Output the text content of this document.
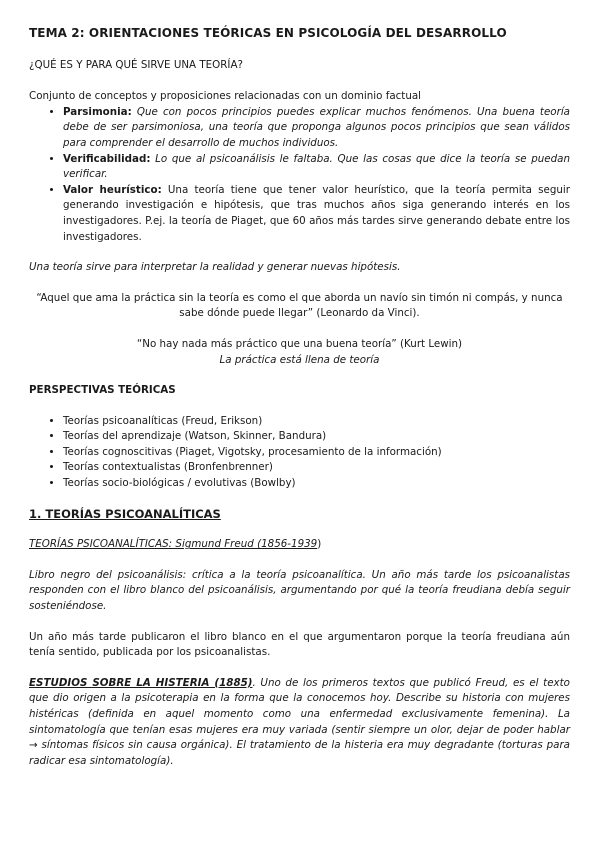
TEMA 2: ORIENTACIONES TEÓRICAS EN PSICOLOGÍA DEL DESARROLLO

¿QUÉ ES Y PARA QUÉ SIRVE UNA TEORÍA?

Conjunto de conceptos y proposiciones relacionadas con un dominio factual

• Parsimonia: Que con pocos principios puedes explicar muchos fenómenos. Una buena teoría debe de ser parsimoniosa, una teoría que proponga algunos pocos principios que sean válidos para comprender el desarrollo de muchos individuos.
• Verificabilidad: Lo que al psicoanálisis le faltaba. Que las cosas que dice la teoría se puedan verificar.
• Valor heurístico: Una teoría tiene que tener valor heurístico, que la teoría permita seguir generando investigación e hipótesis, que tras muchos años siga generando interés en los investigadores. P.ej. la teoría de Piaget, que 60 años más tardes sirve generando debate entre los investigadores.

Una teoría sirve para interpretar la realidad y generar nuevas hipótesis.

“Aquel que ama la práctica sin la teoría es como el que aborda un navío sin timón ni compás, y nunca sabe dónde puede llegar” (Leonardo da Vinci).

“No hay nada más práctico que una buena teoría” (Kurt Lewin)

La práctica está llena de teoría

PERSPECTIVAS TEÓRICAS

• Teorías psicoanalíticas (Freud, Erikson)
• Teorías del aprendizaje (Watson, Skinner, Bandura)
• Teorías cognoscitivas (Piaget, Vigotsky, procesamiento de la información)
• Teorías contextualistas (Bronfenbrenner)
• Teorías socio-biológicas / evolutivas (Bowlby)

1. TEORÍAS PSICOANALÍTICAS

TEORÍAS PSICOANALÍTICAS: Sigmund Freud (1856-1939)

Libro negro del psicoanálisis: crítica a la teoría psicoanalítica. Un año más tarde los psicoanalistas responden con el libro blanco del psicoanálisis, argumentando por qué la teoría freudiana debía seguir sosteniéndose.

Un año más tarde publicaron el libro blanco en el que argumentaron porque la teoría freudiana aún tenía sentido, publicada por los psicoanalistas.

ESTUDIOS SOBRE LA HISTERIA (1885). Uno de los primeros textos que publicó Freud, es el texto que dio origen a la psicoterapia en la forma que la conocemos hoy. Describe su historia con mujeres histéricas (definida en aquel momento como una enfermedad exclusivamente femenina). La sintomatología que tenían esas mujeres era muy variada (sentir siempre un olor, dejar de poder hablar → síntomas físicos sin causa orgánica). El tratamiento de la histeria era muy degradante (torturas para radicar esa sintomatología).
